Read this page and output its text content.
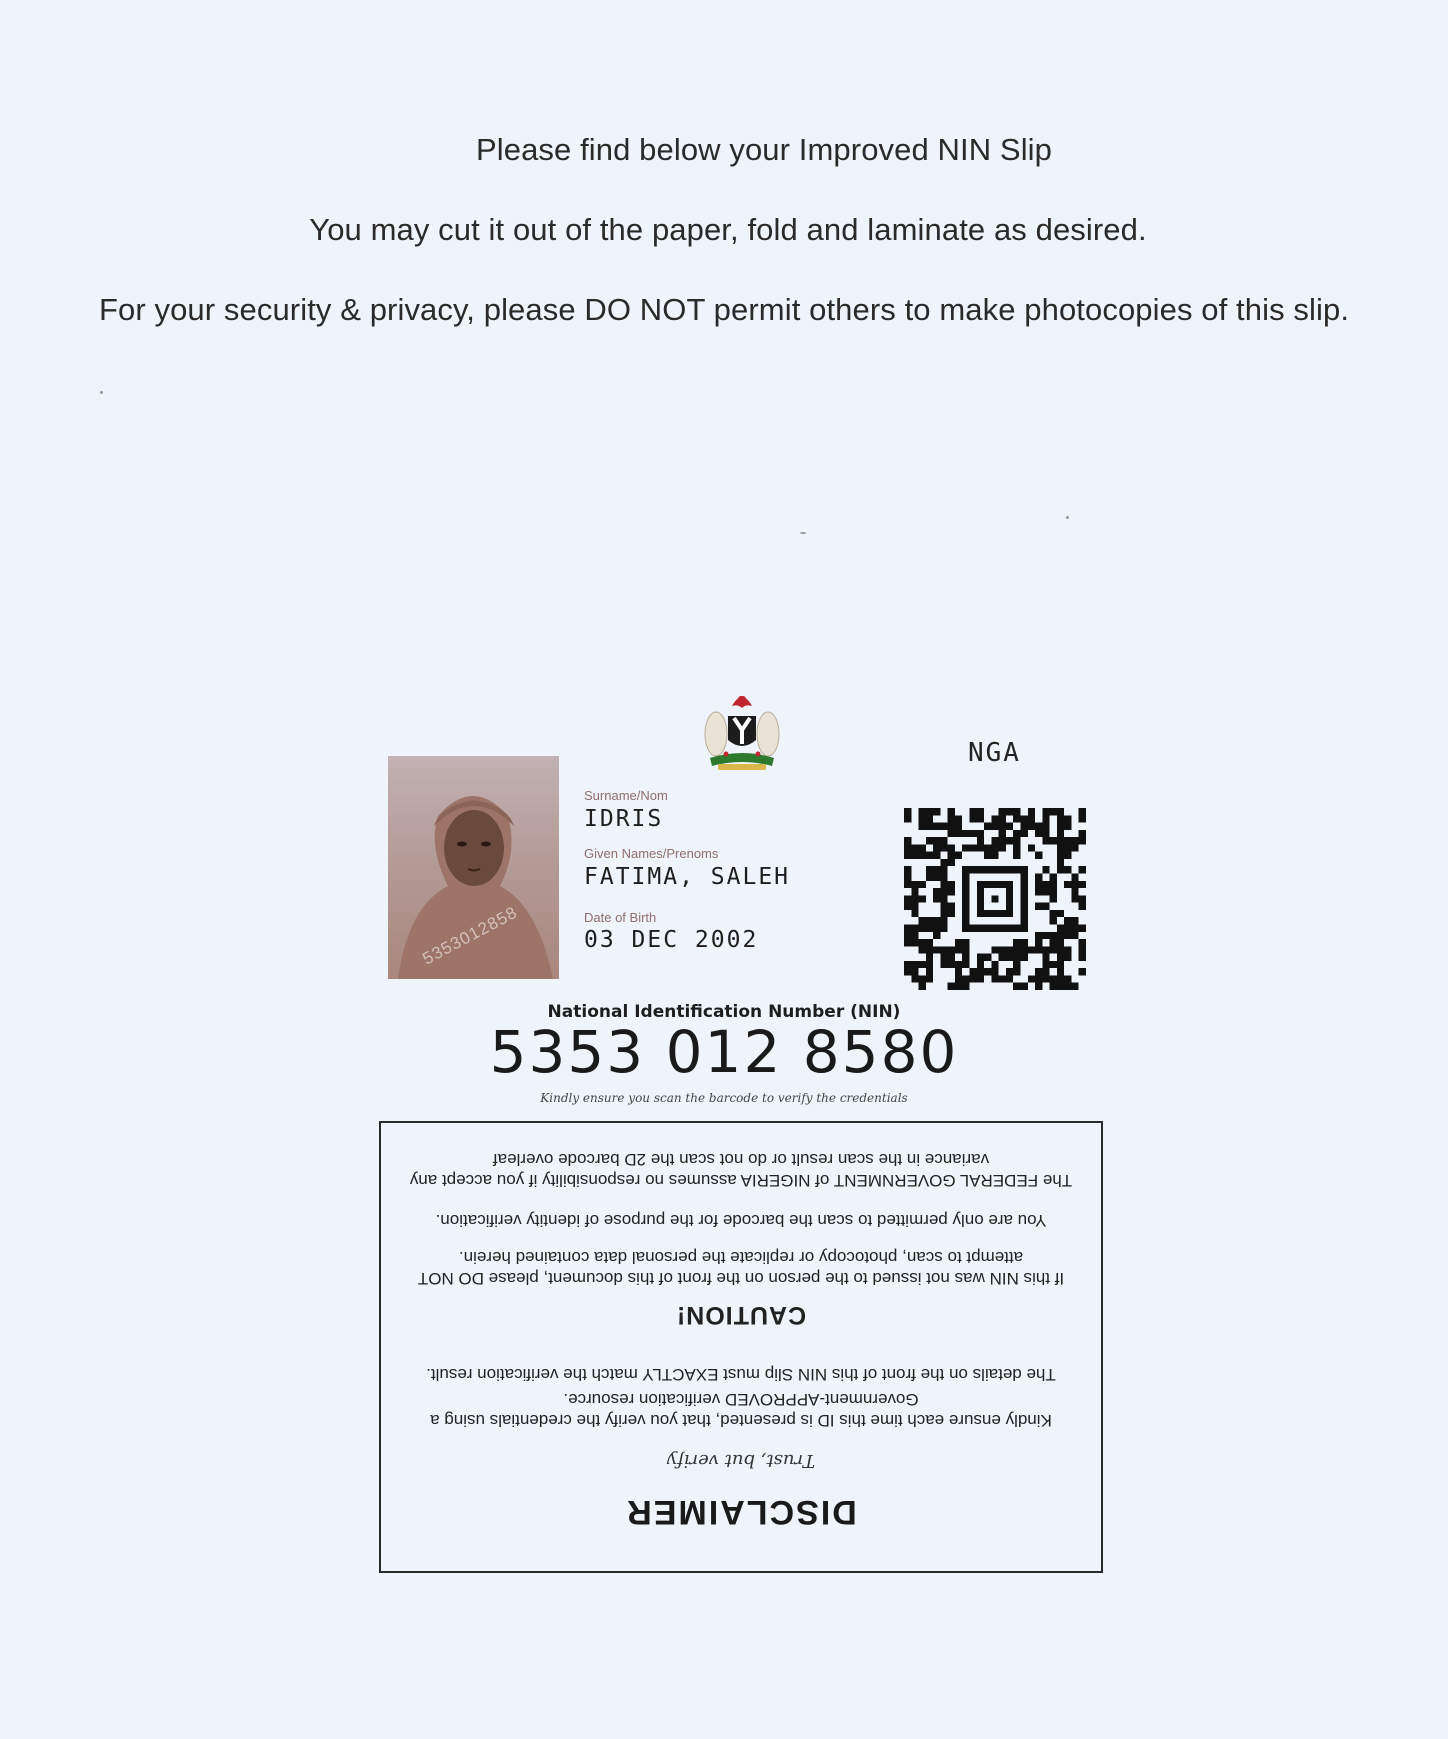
Please find below your Improved NIN Slip
You may cut it out of the paper, fold and laminate as desired.
For your security & privacy, please DO NOT permit others to make photocopies of this slip.
NGA
5353012858
Surname/Nom
IDRIS
Given Names/Prenoms
FATIMA, SALEH
Date of Birth
03 DEC 2002
National Identification Number (NIN)
5353 012 8580
Kindly ensure you scan the barcode to verify the credentials
DISCLAIMER
Trust, but verify
Kindly ensure each time this ID is presented, that you verify the credentials using a Government-APPROVED verification resource.
The details on the front of this NIN Slip must EXACTLY match the verification result.
CAUTION!
If this NIN was not issued to the person on the front of this document, please DO NOT attempt to scan, photocopy or replicate the personal data contained herein.
You are only permitted to scan the barcode for the purpose of identity verification.
The FEDERAL GOVERNMENT of NIGERIA assumes no responsibility if you accept any variance in the scan result or do not scan the 2D barcode overleaf
